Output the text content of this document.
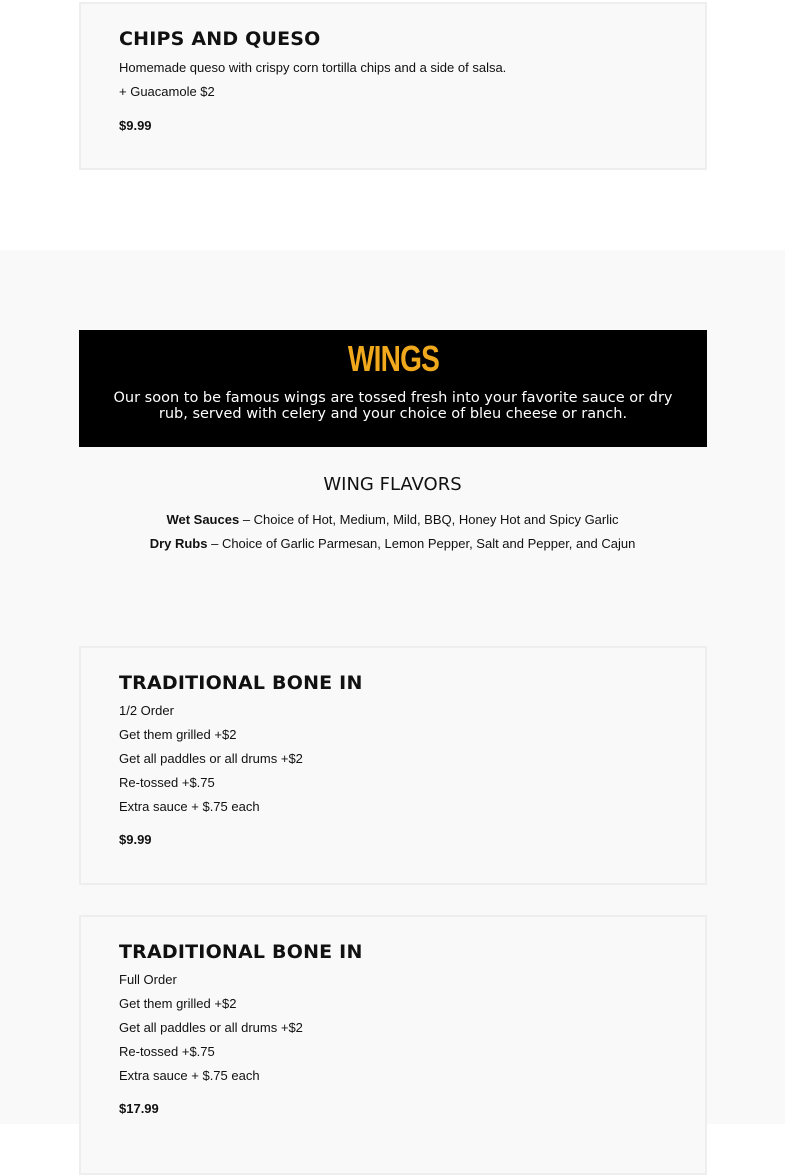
CHIPS AND QUESO
Homemade queso with crispy corn tortilla chips and a side of salsa.
+ Guacamole $2
$9.99
WINGS
Our soon to be famous wings are tossed fresh into your favorite sauce or dry rub, served with celery and your choice of bleu cheese or ranch.
WING FLAVORS
Wet Sauces – Choice of Hot, Medium, Mild, BBQ, Honey Hot and Spicy Garlic
Dry Rubs – Choice of Garlic Parmesan, Lemon Pepper, Salt and Pepper, and Cajun
TRADITIONAL BONE IN
1/2 Order
Get them grilled +$2
Get all paddles or all drums +$2
Re-tossed +$.75
Extra sauce + $.75 each
$9.99
TRADITIONAL BONE IN
Full Order
Get them grilled +$2
Get all paddles or all drums +$2
Re-tossed +$.75
Extra sauce + $.75 each
$17.99
